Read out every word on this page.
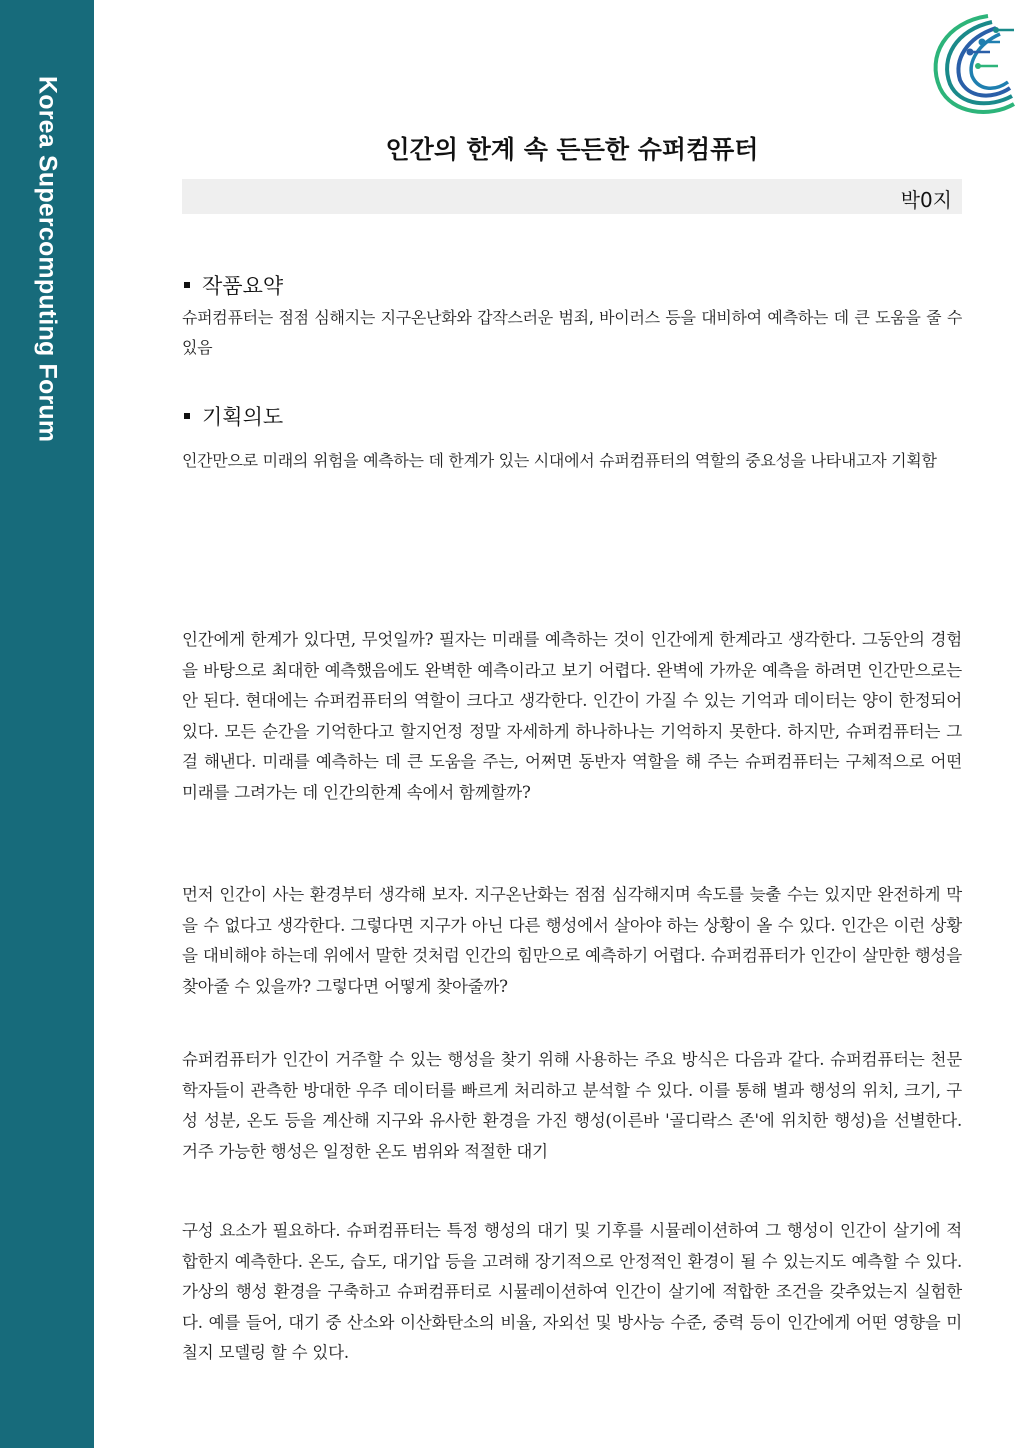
Korea Supercomputing Forum	인간의 한계 속 든든한 슈퍼컴퓨터
박0지
작품요약

슈퍼컴퓨터는 점점 심해지는 지구온난화와 갑작스러운 범죄, 바이러스 등을 대비하여 예측하는 데 큰 도움을 줄 수 있음

기획의도

인간만으로 미래의 위험을 예측하는 데 한계가 있는 시대에서 슈퍼컴퓨터의 역할의 중요성을 나타내고자 기획함

인간에게 한계가 있다면, 무엇일까? 필자는 미래를 예측하는 것이 인간에게 한계라고 생각한다. 그동안의 경험을 바탕으로 최대한 예측했음에도 완벽한 예측이라고 보기 어렵다. 완벽에 가까운 예측을 하려면 인간만으로는 안 된다. 현대에는 슈퍼컴퓨터의 역할이 크다고 생각한다. 인간이 가질 수 있는 기억과 데이터는 양이 한정되어 있다. 모든 순간을 기억한다고 할지언정 정말 자세하게 하나하나는 기억하지 못한다. 하지만, 슈퍼컴퓨터는 그걸 해낸다. 미래를 예측하는 데 큰 도움을 주는, 어쩌면 동반자 역할을 해 주는 슈퍼컴퓨터는 구체적으로 어떤 미래를 그려가는 데 인간의한계 속에서 함께할까?

먼저 인간이 사는 환경부터 생각해 보자. 지구온난화는 점점 심각해지며 속도를 늦출 수는 있지만 완전하게 막을 수 없다고 생각한다. 그렇다면 지구가 아닌 다른 행성에서 살아야 하는 상황이 올 수 있다. 인간은 이런 상황을 대비해야 하는데 위에서 말한 것처럼 인간의 힘만으로 예측하기 어렵다. 슈퍼컴퓨터가 인간이 살만한 행성을 찾아줄 수 있을까? 그렇다면 어떻게 찾아줄까?

슈퍼컴퓨터가 인간이 거주할 수 있는 행성을 찾기 위해 사용하는 주요 방식은 다음과 같다. 슈퍼컴퓨터는 천문학자들이 관측한 방대한 우주 데이터를 빠르게 처리하고 분석할 수 있다. 이를 통해 별과 행성의 위치, 크기, 구성 성분, 온도 등을 계산해 지구와 유사한 환경을 가진 행성(이른바 '골디락스 존'에 위치한 행성)을 선별한다. 거주 가능한 행성은 일정한 온도 범위와 적절한 대기

구성 요소가 필요하다. 슈퍼컴퓨터는 특정 행성의 대기 및 기후를 시뮬레이션하여 그 행성이 인간이 살기에 적합한지 예측한다. 온도, 습도, 대기압 등을 고려해 장기적으로 안정적인 환경이 될 수 있는지도 예측할 수 있다. 가상의 행성 환경을 구축하고 슈퍼컴퓨터로 시뮬레이션하여 인간이 살기에 적합한 조건을 갖추었는지 실험한다. 예를 들어, 대기 중 산소와 이산화탄소의 비율, 자외선 및 방사능 수준, 중력 등이 인간에게 어떤 영향을 미칠지 모델링 할 수 있다.
